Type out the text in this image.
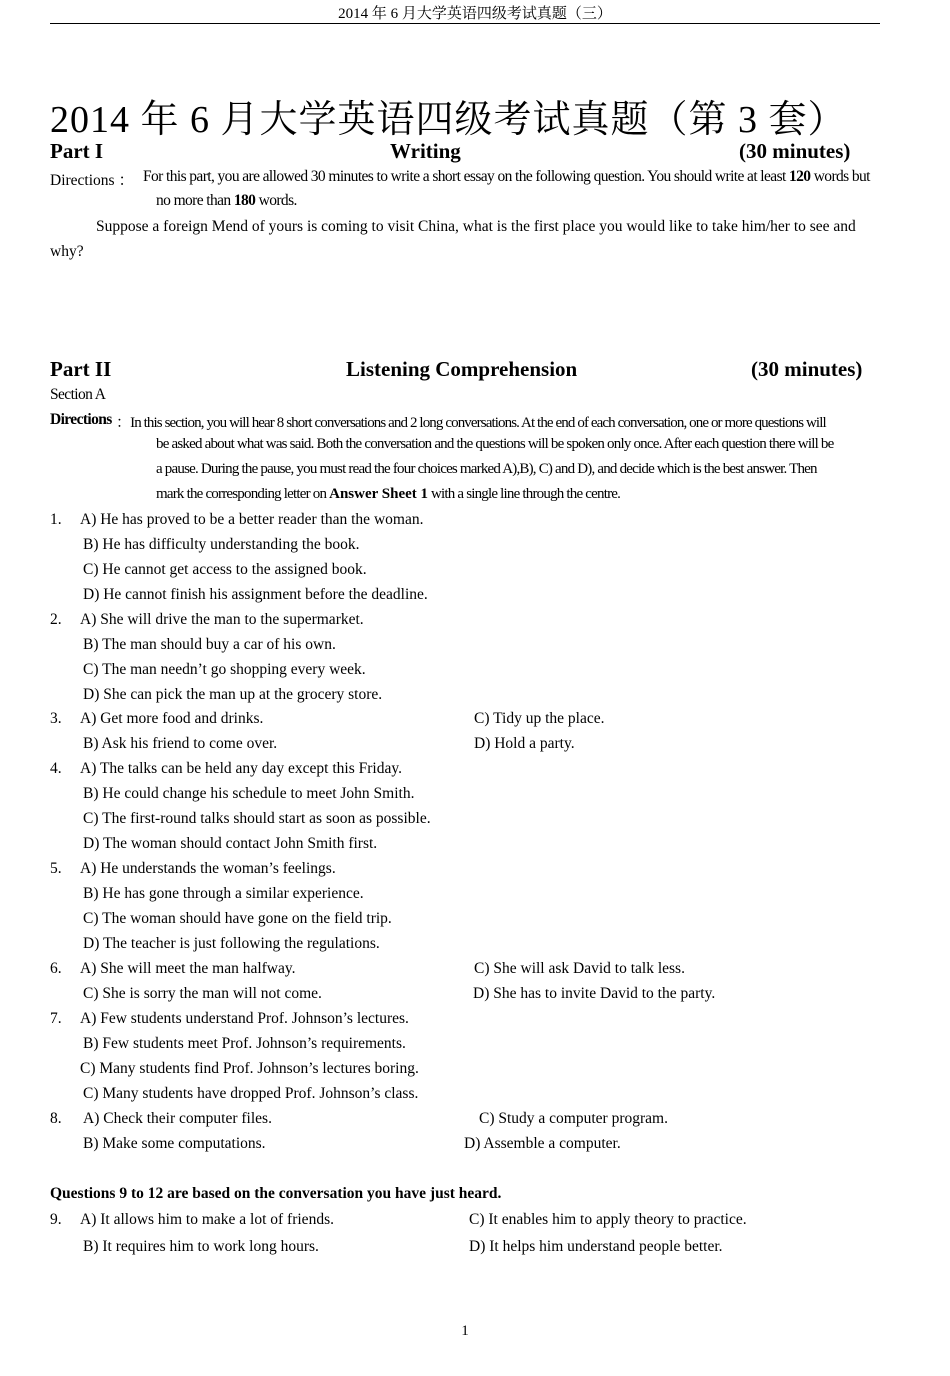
2014 年 6 月大学英语四级考试真题（三）
2014 年 6 月大学英语四级考试真题（第 3 套）
Part I	Writing	(30 minutes)
Directions ： For this part, you are allowed 30 minutes to write a short essay on the following question. You should write at least 120 words but
no more than 180 words.
Suppose a foreign Mend of yours is coming to visit China, what is the first place you would like to take him/her to see and
why?
Part II	Listening Comprehension	(30 minutes)
Section A
Directions ：In this section, you will hear 8 short conversations and 2 long conversations. At the end of each conversation, one or more questions will
be asked about what was said. Both the conversation and the questions will be spoken only once. After each question there will be
a pause. During the pause, you must read the four choices marked A),B), C) and D), and decide which is the best answer. Then
mark the corresponding letter on Answer Sheet 1 with a single line through the centre.
1. A) He has proved to be a better reader than the woman.
B) He has difficulty understanding the book.
C) He cannot get access to the assigned book.
D) He cannot finish his assignment before the deadline.
2. A) She will drive the man to the supermarket.
B) The man should buy a car of his own.
C) The man needn’t go shopping every week.
D) She can pick the man up at the grocery store.
3. A) Get more food and drinks.	C) Tidy up the place.
B) Ask his friend to come over.	D) Hold a party.
4. A) The talks can be held any day except this Friday.
B) He could change his schedule to meet John Smith.
C) The first-round talks should start as soon as possible.
D) The woman should contact John Smith first.
5. A) He understands the woman’s feelings.
B) He has gone through a similar experience.
C) The woman should have gone on the field trip.
D) The teacher is just following the regulations.
6. A) She will meet the man halfway.	C) She will ask David to talk less.
C) She is sorry the man will not come.	D) She has to invite David to the party.
7. A) Few students understand Prof. Johnson’s lectures.
B) Few students meet Prof. Johnson’s requirements.
C) Many students find Prof. Johnson’s lectures boring.
C) Many students have dropped Prof. Johnson’s class.
8. A) Check their computer files.	C) Study a computer program.
B) Make some computations.	D) Assemble a computer.
Questions 9 to 12 are based on the conversation you have just heard.
9. A) It allows him to make a lot of friends.	C) It enables him to apply theory to practice.
B) It requires him to work long hours.	D) It helps him understand people better.
1
